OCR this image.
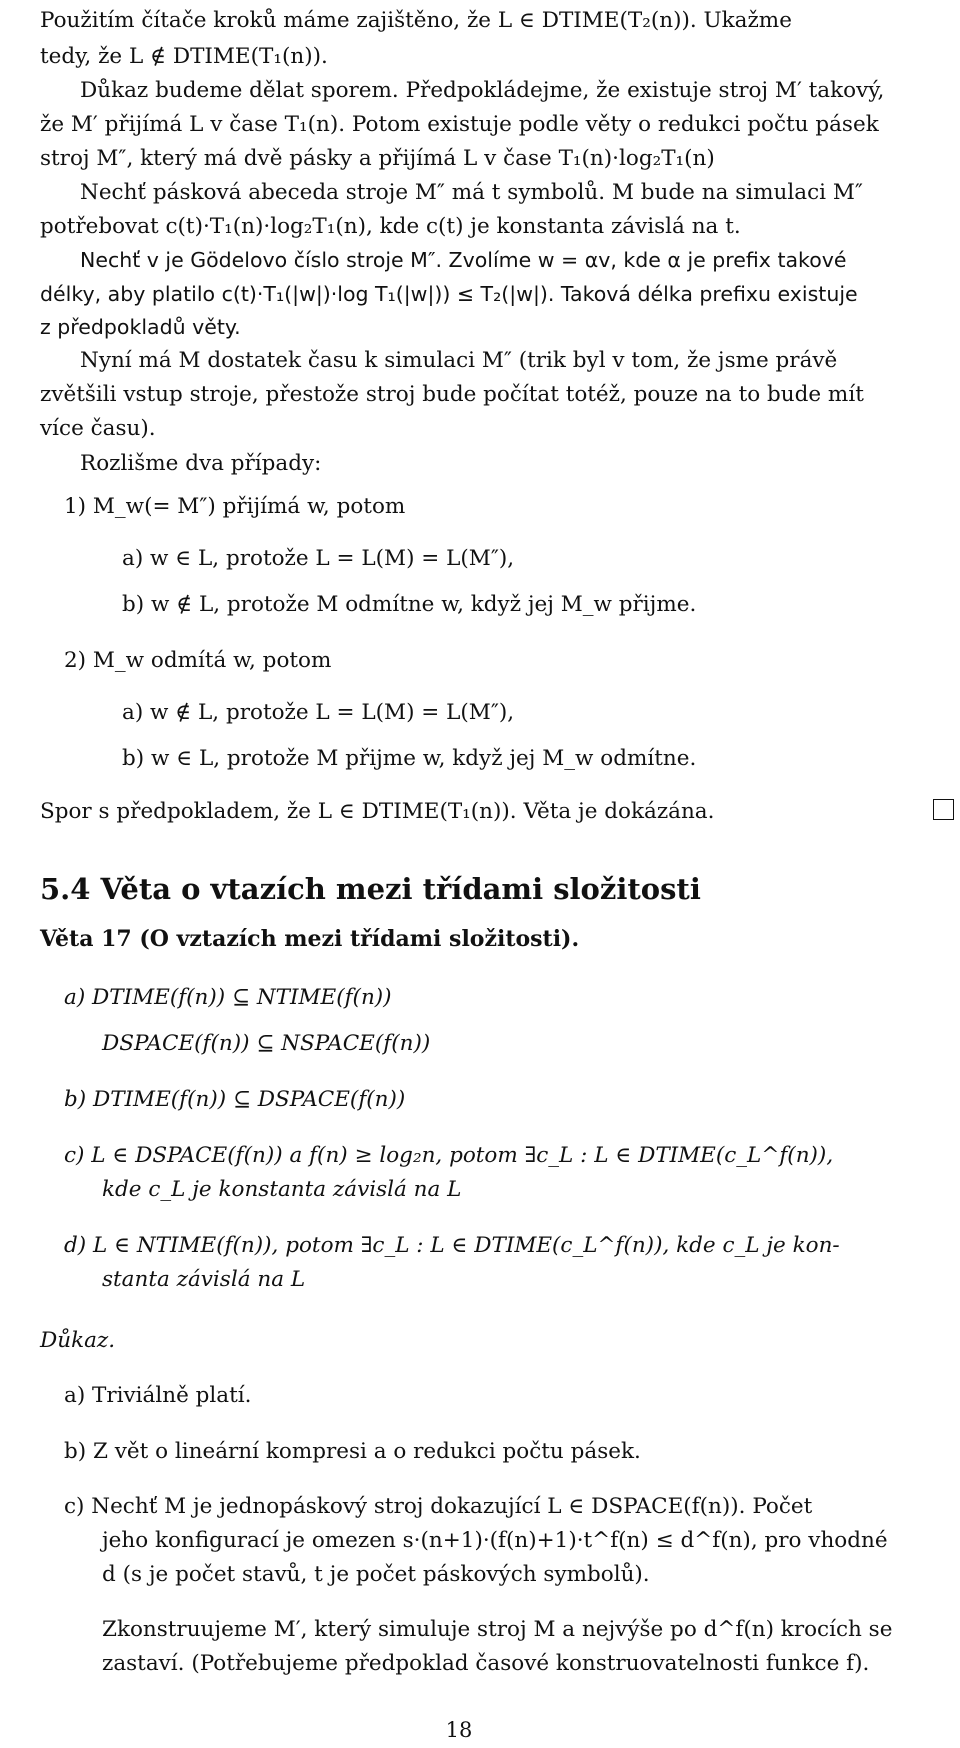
Použitím čítače kroků máme zajištěno, že L ∈ DTIME(T₂(n)). Ukažme
tedy, že L ∉ DTIME(T₁(n)).
Důkaz budeme dělat sporem. Předpokládejme, že existuje stroj M′ takový,
že M′ přijímá L v čase T₁(n). Potom existuje podle věty o redukci počtu pásek
stroj M″, který má dvě pásky a přijímá L v čase T₁(n)·log₂T₁(n)
Nechť pásková abeceda stroje M″ má t symbolů. M bude na simulaci M″
potřebovat c(t)·T₁(n)·log₂T₁(n), kde c(t) je konstanta závislá na t.
Nechť v je Gödelovo číslo stroje M″. Zvolíme w = αv, kde α je prefix takové
délky, aby platilo c(t)·T₁(|w|)·log T₁(|w|)) ≤ T₂(|w|). Taková délka prefixu existuje
z předpokladů věty.
Nyní má M dostatek času k simulaci M″ (trik byl v tom, že jsme právě
zvětšili vstup stroje, přestože stroj bude počítat totéž, pouze na to bude mít
více času).
Rozlišme dva případy:
1) M_w(= M″) přijímá w, potom
a) w ∈ L, protože L = L(M) = L(M″),
b) w ∉ L, protože M odmítne w, když jej M_w přijme.
2) M_w odmítá w, potom
a) w ∉ L, protože L = L(M) = L(M″),
b) w ∈ L, protože M přijme w, když jej M_w odmítne.
Spor s předpokladem, že L ∈ DTIME(T₁(n)). Věta je dokázána.
5.4 Věta o vtazích mezi třídami složitosti
Věta 17 (O vztazích mezi třídami složitosti).
a) DTIME(f(n)) ⊆ NTIME(f(n))
DSPACE(f(n)) ⊆ NSPACE(f(n))
b) DTIME(f(n)) ⊆ DSPACE(f(n))
c) L ∈ DSPACE(f(n)) a f(n) ≥ log₂n, potom ∃c_L : L ∈ DTIME(c_L^f(n)),
kde c_L je konstanta závislá na L
d) L ∈ NTIME(f(n)), potom ∃c_L : L ∈ DTIME(c_L^f(n)), kde c_L je kon-
stanta závislá na L
Důkaz.
a) Triviálně platí.
b) Z vět o lineární kompresi a o redukci počtu pásek.
c) Nechť M je jednopáskový stroj dokazující L ∈ DSPACE(f(n)). Počet
jeho konfigurací je omezen s·(n+1)·(f(n)+1)·t^f(n) ≤ d^f(n), pro vhodné
d (s je počet stavů, t je počet páskových symbolů).
Zkonstruujeme M′, který simuluje stroj M a nejvýše po d^f(n) krocích se
zastaví. (Potřebujeme předpoklad časové konstruovatelnosti funkce f).
18
